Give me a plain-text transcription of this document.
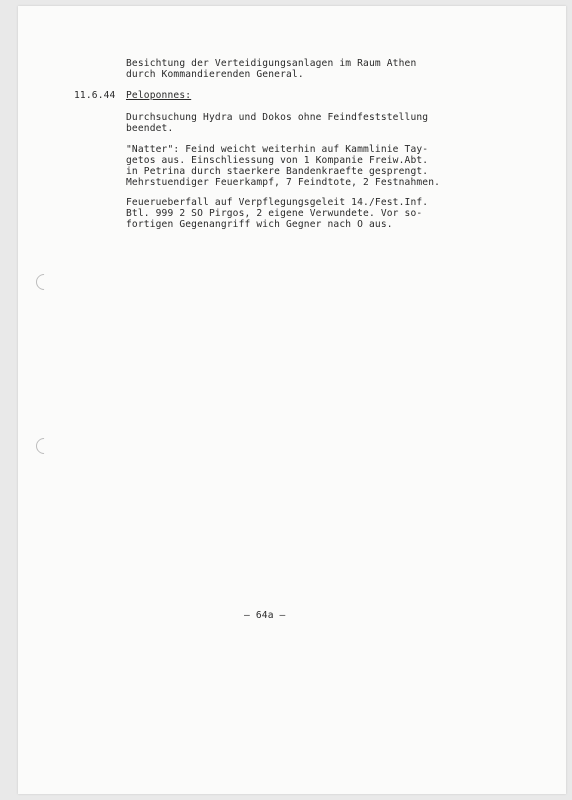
Besichtung der Verteidigungsanlagen im Raum Athen
durch Kommandierenden General.
11.6.44 Peloponnes:
Durchsuchung Hydra und Dokos ohne Feindfeststellung
beendet.
"Natter": Feind weicht weiterhin auf Kammlinie Tay-
getos aus. Einschliessung von 1 Kompanie Freiw.Abt.
in Petrina durch staerkere Bandenkraefte gesprengt.
Mehrstuendiger Feuerkampf, 7 Feindtote, 2 Festnahmen.
Feuerueberfall auf Verpflegungsgeleit 14./Fest.Inf.
Btl. 999 2 SO Pirgos, 2 eigene Verwundete. Vor so-
fortigen Gegenangriff wich Gegner nach O aus.
– 64a –
